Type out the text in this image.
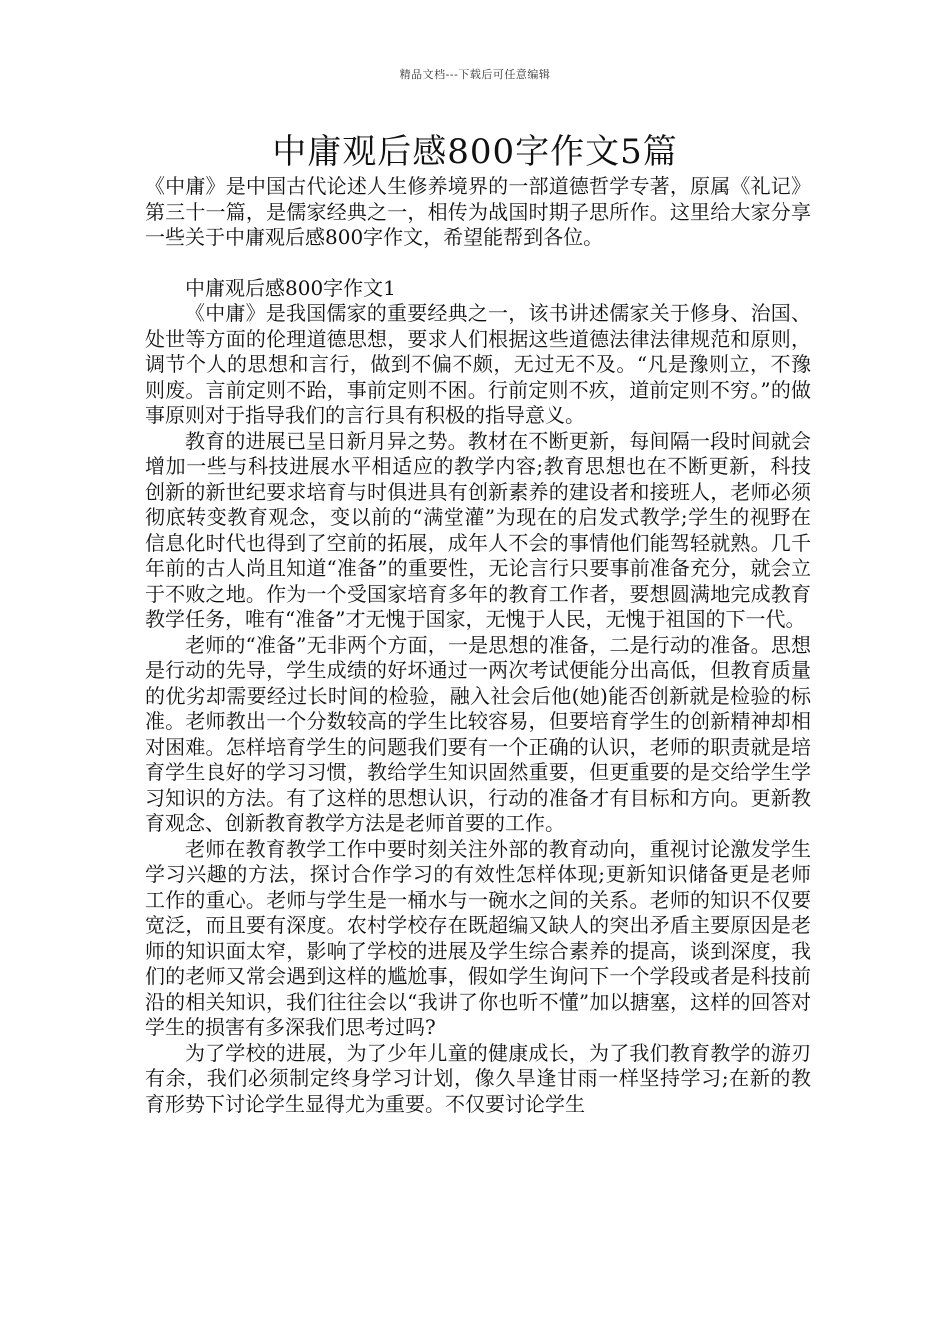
精品文档---下载后可任意编辑
中庸观后感800字作文5篇

《中庸》是中国古代论述人生修养境界的一部道德哲学专著，原属《礼记》第三十一篇，是儒家经典之一，相传为战国时期子思所作。这里给大家分享一些关于中庸观后感800字作文，希望能帮到各位。

中庸观后感800字作文1

《中庸》是我国儒家的重要经典之一，该书讲述儒家关于修身、治国、处世等方面的伦理道德思想，要求人们根据这些道德法律法律规范和原则，调节个人的思想和言行，做到不偏不颇，无过无不及。“凡是豫则立，不豫则废。言前定则不跆，事前定则不困。行前定则不疚，道前定则不穷。”的做事原则对于指导我们的言行具有积极的指导意义。

教育的进展已呈日新月异之势。教材在不断更新，每间隔一段时间就会增加一些与科技进展水平相适应的教学内容;教育思想也在不断更新，科技创新的新世纪要求培育与时俱进具有创新素养的建设者和接班人，老师必须彻底转变教育观念，变以前的“满堂灌”为现在的启发式教学;学生的视野在信息化时代也得到了空前的拓展，成年人不会的事情他们能驾轻就熟。几千年前的古人尚且知道“准备”的重要性，无论言行只要事前准备充分，就会立于不败之地。作为一个受国家培育多年的教育工作者，要想圆满地完成教育教学任务，唯有“准备”才无愧于国家，无愧于人民，无愧于祖国的下一代。

老师的“准备”无非两个方面，一是思想的准备，二是行动的准备。思想是行动的先导，学生成绩的好坏通过一两次考试便能分出高低，但教育质量的优劣却需要经过长时间的检验，融入社会后他(她)能否创新就是检验的标准。老师教出一个分数较高的学生比较容易，但要培育学生的创新精神却相对困难。怎样培育学生的问题我们要有一个正确的认识，老师的职责就是培育学生良好的学习习惯，教给学生知识固然重要，但更重要的是交给学生学习知识的方法。有了这样的思想认识，行动的准备才有目标和方向。更新教育观念、创新教育教学方法是老师首要的工作。

老师在教育教学工作中要时刻关注外部的教育动向，重视讨论激发学生学习兴趣的方法，探讨合作学习的有效性怎样体现;更新知识储备更是老师工作的重心。老师与学生是一桶水与一碗水之间的关系。老师的知识不仅要宽泛，而且要有深度。农村学校存在既超编又缺人的突出矛盾主要原因是老师的知识面太窄，影响了学校的进展及学生综合素养的提高，谈到深度，我们的老师又常会遇到这样的尴尬事，假如学生询问下一个学段或者是科技前沿的相关知识，我们往往会以“我讲了你也听不懂”加以搪塞，这样的回答对学生的损害有多深我们思考过吗?

为了学校的进展，为了少年儿童的健康成长，为了我们教育教学的游刃有余，我们必须制定终身学习计划，像久旱逢甘雨一样坚持学习;在新的教育形势下讨论学生显得尤为重要。不仅要讨论学生
